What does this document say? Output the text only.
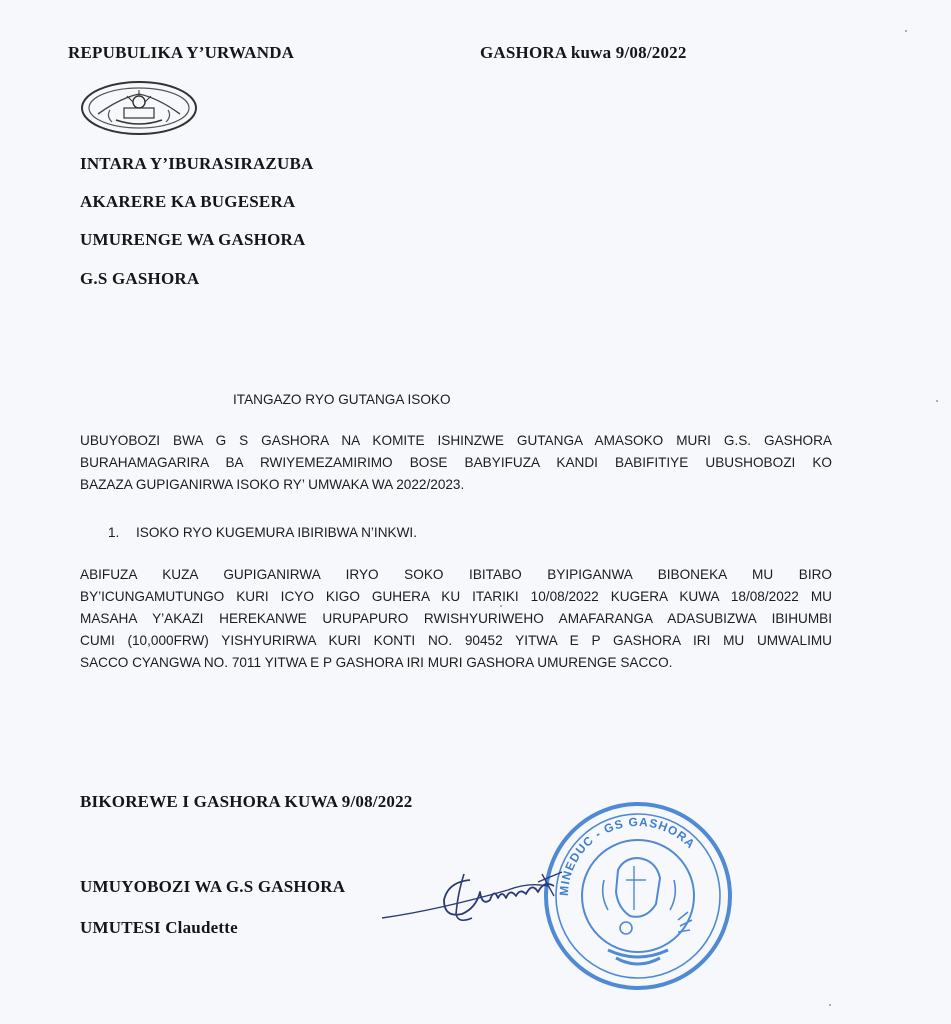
REPUBULIKA Y’URWANDA	GASHORA kuwa 9/08/2022
INTARA Y’IBURASIRAZUBA
AKARERE KA BUGESERA
UMURENGE WA GASHORA
G.S GASHORA
ITANGAZO RYO GUTANGA ISOKO
UBUYOBOZI BWA G S GASHORA NA KOMITE ISHINZWE GUTANGA AMASOKO MURI G.S. GASHORA
BURAHAMAGARIRA BA RWIYEMEZAMIRIMO BOSE BABYIFUZA KANDI BABIFITIYE UBUSHOBOZI KO
BAZAZA GUPIGANIRWA ISOKO RY’ UMWAKA WA 2022/2023.
1. ISOKO RYO KUGEMURA IBIRIBWA N’INKWI.
ABIFUZA KUZA GUPIGANIRWA IRYO SOKO IBITABO BYIPIGANWA BIBONEKA MU BIRO
BY’ICUNGAMUTUNGO KURI ICYO KIGO GUHERA KU ITARIKI 10/08/2022 KUGERA KUWA 18/08/2022 MU
MASAHA Y’AKAZI HEREKANWE URUPAPURO RWISHYURIWEHO AMAFARANGA ADASUBIZWA IBIHUMBI
CUMI (10,000FRW) YISHYURIRWA KURI KONTI NO. 90452 YITWA E P GASHORA IRI MU UMWALIMU
SACCO CYANGWA NO. 7011 YITWA E P GASHORA IRI MURI GASHORA UMURENGE SACCO.
BIKOREWE I GASHORA KUWA 9/08/2022
UMUYOBOZI WA G.S GASHORA
UMUTESI Claudette
MINEDUC - GS GASHORA
